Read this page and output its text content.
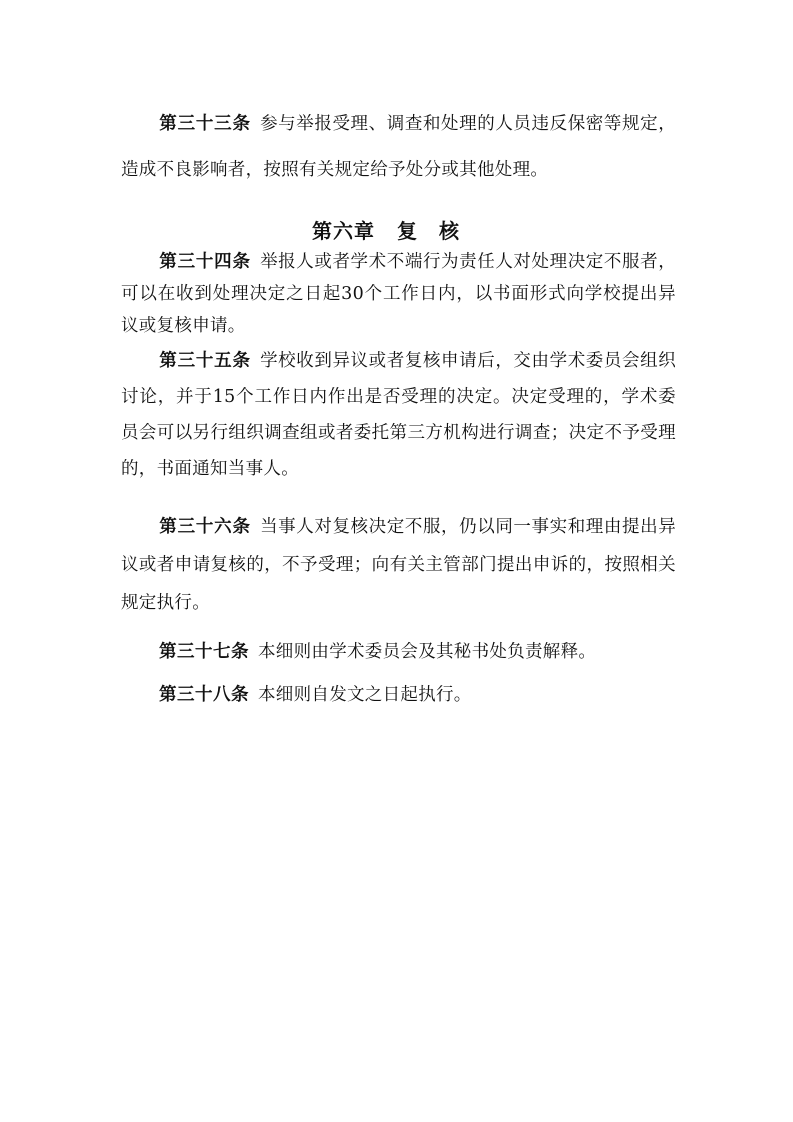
第三十三条 参与举报受理、调查和处理的人员违反保密等规定，造成不良影响者，按照有关规定给予处分或其他处理。

第六章 复核

第三十四条 举报人或者学术不端行为责任人对处理决定不服者，可以在收到处理决定之日起30个工作日内，以书面形式向学校提出异议或复核申请。

第三十五条 学校收到异议或者复核申请后，交由学术委员会组织讨论，并于15个工作日内作出是否受理的决定。决定受理的，学术委员会可以另行组织调查组或者委托第三方机构进行调查；决定不予受理的，书面通知当事人。

第三十六条 当事人对复核决定不服，仍以同一事实和理由提出异议或者申请复核的，不予受理；向有关主管部门提出申诉的，按照相关规定执行。

第三十七条 本细则由学术委员会及其秘书处负责解释。

第三十八条 本细则自发文之日起执行。
